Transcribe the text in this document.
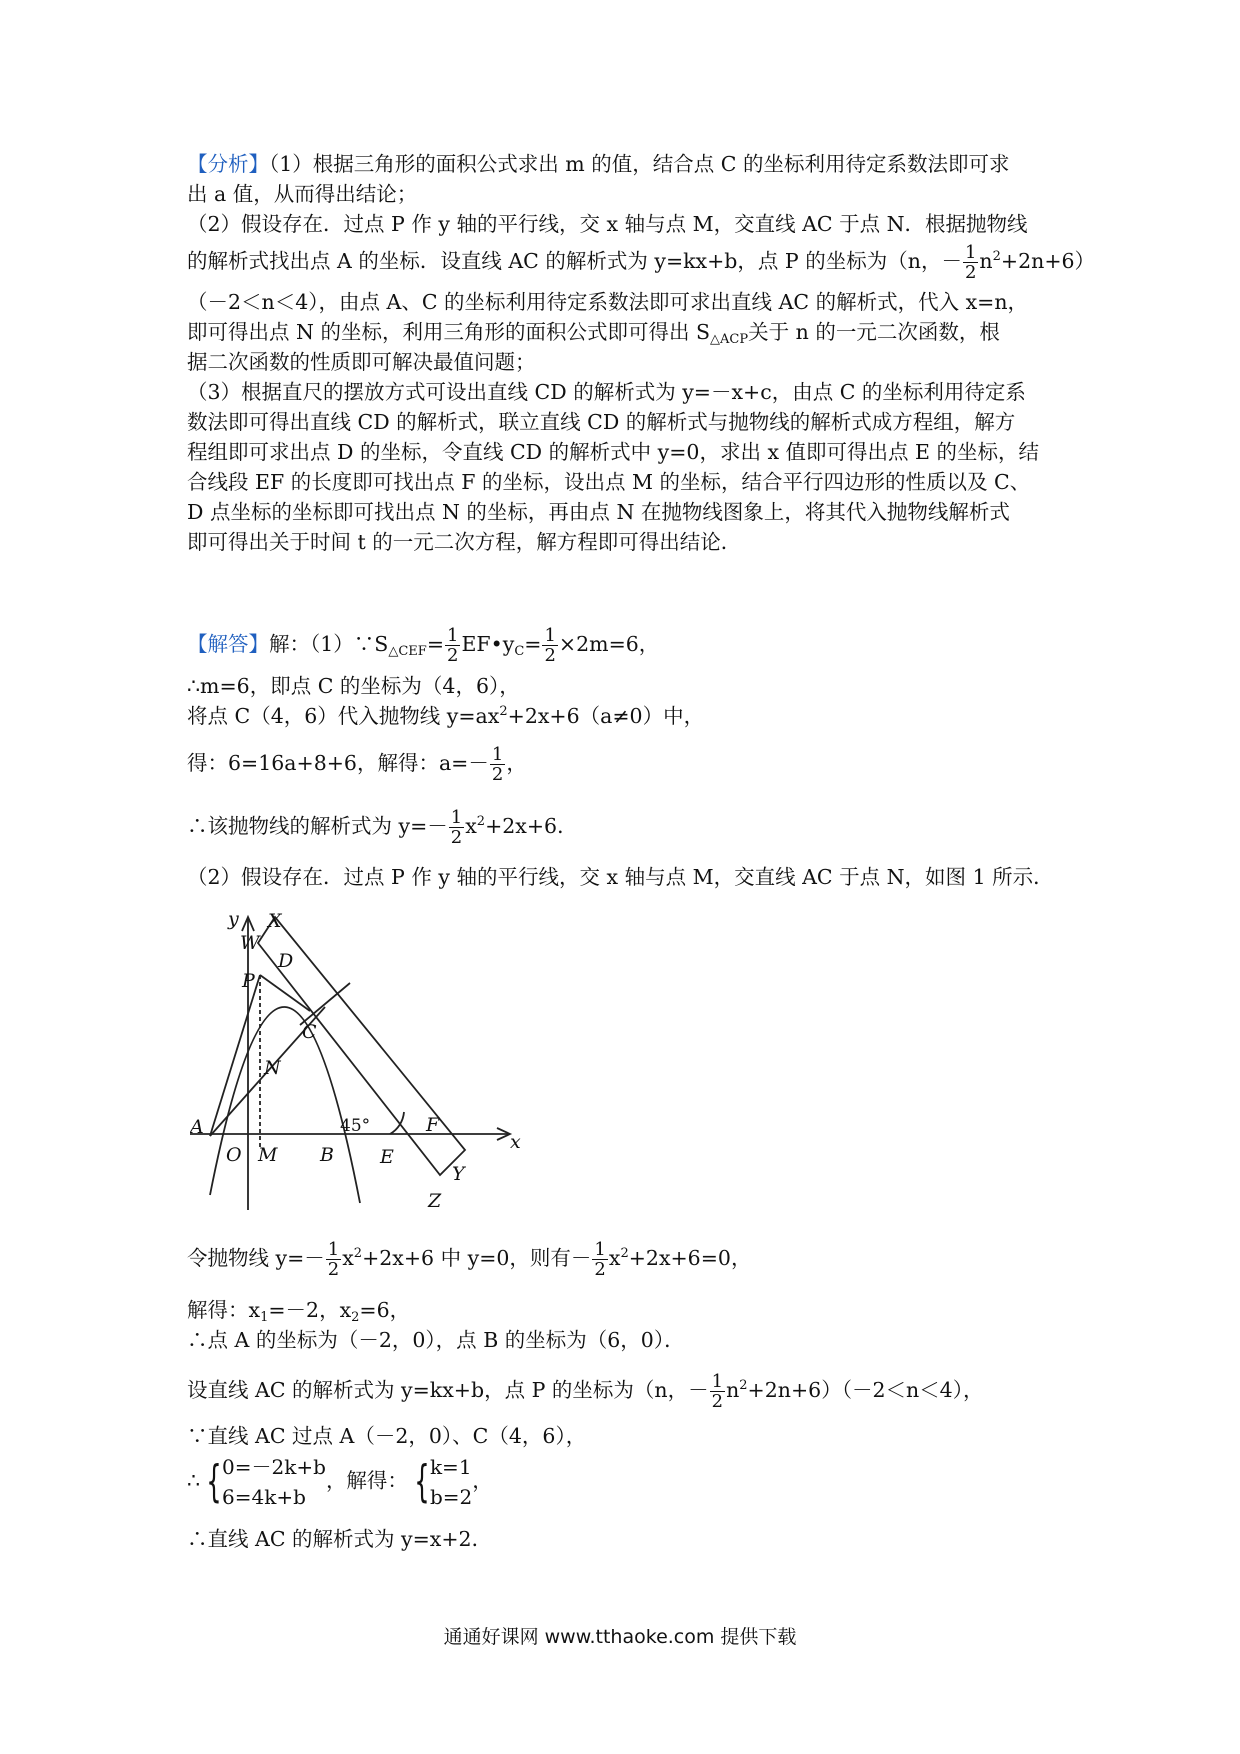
【分析】（1）根据三角形的面积公式求出 m 的值，结合点 C 的坐标利用待定系数法即可求
出 a 值，从而得出结论；
（2）假设存在．过点 P 作 y 轴的平行线，交 x 轴与点 M，交直线 AC 于点 N．根据抛物线
的解析式找出点 A 的坐标．设直线 AC 的解析式为 y=kx+b，点 P 的坐标为（n，－ $\frac{1}{2} n^2+2n+6$）
（－2＜n＜4），由点 A、C 的坐标利用待定系数法即可求出直线 AC 的解析式，代入 x=n，
即可得出点 N 的坐标，利用三角形的面积公式即可得出 $S_{\triangle ACP}$关于 n 的一元二次函数，根
据二次函数的性质即可解决最值问题；
（3）根据直尺的摆放方式可设出直线 CD 的解析式为 y=－x+c，由点 C 的坐标利用待定系
数法即可得出直线 CD 的解析式，联立直线 CD 的解析式与抛物线的解析式成方程组，解方
程组即可求出点 D 的坐标，令直线 CD 的解析式中 y=0，求出 x 值即可得出点 E 的坐标，结
合线段 EF 的长度即可找出点 F 的坐标，设出点 M 的坐标，结合平行四边形的性质以及 C、
D 点坐标的坐标即可找出点 N 的坐标，再由点 N 在抛物线图象上，将其代入抛物线解析式
即可得出关于时间 t 的一元二次方程，解方程即可得出结论．
【解答】解：$(1)\because S_{\triangle CEF}= \frac{1}{2}$ $EF•y_C= \frac{1}{2} \times 2m=6$，
∴m=6，即点 C 的坐标为（4，6），
将点 C（4，6）代入抛物线 $y=ax^2+2x+6(a\ne 0)$中，
得：6=16a+8+6，解得：$a=- \frac{1}{2}$ ，
∴该抛物线的解析式为 $y=- \frac{1}{2} x^2+2x+6$．
（2）假设存在．过点 P 作 y 轴的平行线，交 x 轴与点 M，交直线 AC 于点 N，如图 1 所示．
y
x
X
W
D
P
C
N
A
O M B E
F
Y
Z
45°
令抛物线 $y=- \frac{1}{2} x^2+2x+6$ 中 y=0，则有－ $\frac{1}{2} x^2+2x+6=0$，
解得：$x_1=-2$，$x_2=6$，
∴点 A 的坐标为（－2，0），点 B 的坐标为（6，0）．
设直线 AC 的解析式为 y=kx+b，点 P 的坐标为（n，－ $\frac{1}{2} n^2+2n+6)(-2<n<4)$，
∵直线 AC 过点 A（－2，0）、C（4，6），
∴ { 0=－2k+b
6=4k+b
，解得： { k=1
b=2
，
∴直线 AC 的解析式为 y=x+2．
通通好课网 www.tthaoke.com 提供下载
